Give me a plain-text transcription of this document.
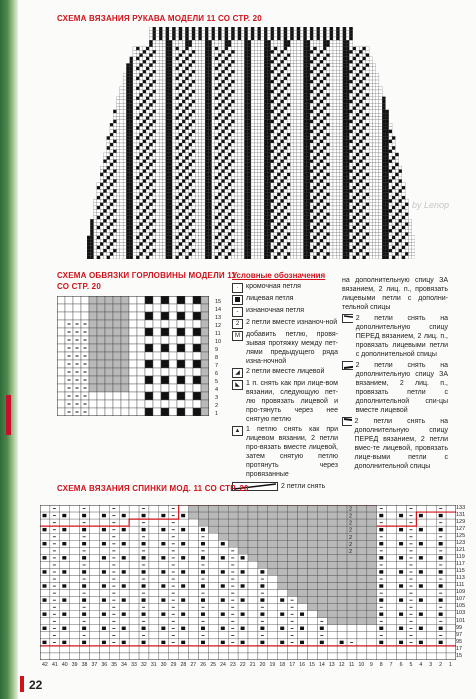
СХЕМА ВЯЗАНИЯ РУКАВА МОДЕЛИ 11 СО СТР. 20
by Lenoр
СХЕМА ОБВЯЗКИ ГОРЛОВИНЫ МОДЕЛИ 11
СО СТР. 20
15
14
13
12
11
10
9
8
7
6
5
4
3
2
1
Условные обозначения
·	кромочная петля
лицевая петля
-	изнаночная петля
2 2 петли вместе изнаноч-ной
M добавить петлю, провя-зывая протяжку между пет-лями предыдущего ряда изна-ночной
◢ 2 петли вместе лицевой
◣ 1 п. снять как при лице-вом вязании, следующую пет-лю провязать лицевой и про-тянуть через нее снятую петлю
▲ 1 петлю снять как при лицевом вязании, 2 петли про-вязать вместе лицевой, затем снятую петлю протянуть через провязанные
2 петли снять
на дополнительную спицу ЗА вязанием, 2 лиц. п., провязать лицевыми петли с дополни-тельной спицы
2 петли снять на дополнительную спицу ПЕРЕД вязанием, 2 лиц. п., провязать лицевыми петли с дополнительной спицы
2 петли снять на дополнительную спицу ЗА вязанием, 2 лиц. п., провязать петли с дополнительной спи-цы вместе лицевой
2 петли снять на дополнительную спицу ПЕРЕД вязанием, 2 петли вмес-те лицевой, провязать лице-выми петли с дополнительной спицы
СХЕМА ВЯЗАНИЯ СПИНКИ МОД. 11 СО СТР. 20
2
2
2
2
2
2
2
133
131
129
127
125
123
121
119
117
115
113
111
109
107
105
103
101
99
97
95
17
15
42 41 40 39 38 37 36 35 34 33 32 31 30 29 28 27 26 25 24 23 22 21 20 19 18 17 16 15 14 13 12 11 10	9	8	7	6	5	4	3	2	1
22
